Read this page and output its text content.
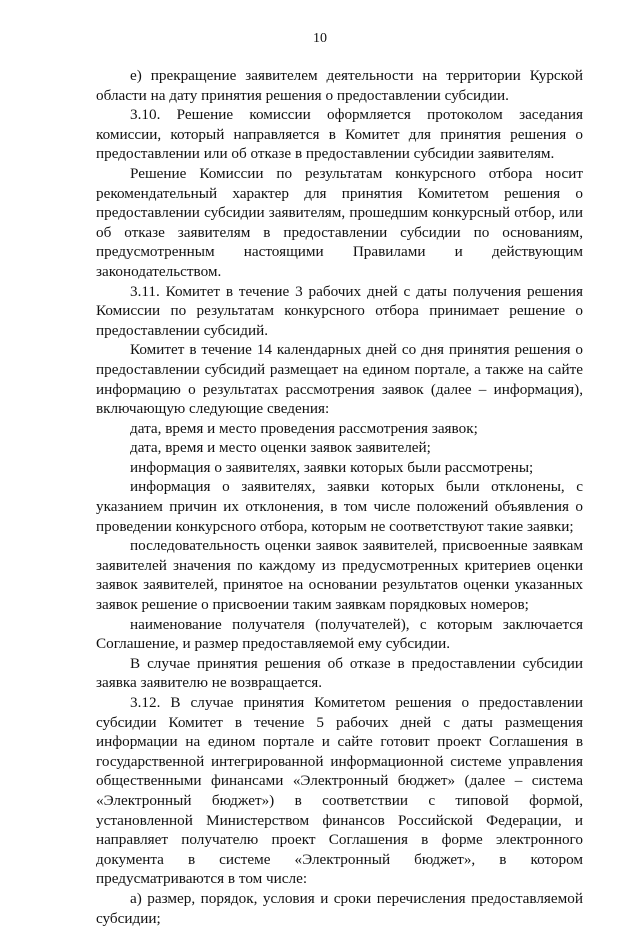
10

е) прекращение заявителем деятельности на территории Курской области на дату принятия решения о предоставлении субсидии.

3.10. Решение комиссии оформляется протоколом заседания комиссии, который направляется в Комитет для принятия решения о предоставлении или об отказе в предоставлении субсидии заявителям.

Решение Комиссии по результатам конкурсного отбора носит рекомендательный характер для принятия Комитетом решения о предоставлении субсидии заявителям, прошедшим конкурсный отбор, или об отказе заявителям в предоставлении субсидии по основаниям, предусмотренным настоящими Правилами и действующим законодательством.

3.11. Комитет в течение 3 рабочих дней с даты получения решения Комиссии по результатам конкурсного отбора принимает решение о предоставлении субсидий.

Комитет в течение 14 календарных дней со дня принятия решения о предоставлении субсидий размещает на едином портале, а также на сайте информацию о результатах рассмотрения заявок (далее – информация), включающую следующие сведения:

дата, время и место проведения рассмотрения заявок;

дата, время и место оценки заявок заявителей;

информация о заявителях, заявки которых были рассмотрены;

информация о заявителях, заявки которых были отклонены, с указанием причин их отклонения, в том числе положений объявления о проведении конкурсного отбора, которым не соответствуют такие заявки;

последовательность оценки заявок заявителей, присвоенные заявкам заявителей значения по каждому из предусмотренных критериев оценки заявок заявителей, принятое на основании результатов оценки указанных заявок решение о присвоении таким заявкам порядковых номеров;

наименование получателя (получателей), с которым заключается Соглашение, и размер предоставляемой ему субсидии.

В случае принятия решения об отказе в предоставлении субсидии заявка заявителю не возвращается.

3.12. В случае принятия Комитетом решения о предоставлении субсидии Комитет в течение 5 рабочих дней с даты размещения информации на едином портале и сайте готовит проект Соглашения в государственной интегрированной информационной системе управления общественными финансами «Электронный бюджет» (далее – система «Электронный бюджет») в соответствии с типовой формой, установленной Министерством финансов Российской Федерации, и направляет получателю проект Соглашения в форме электронного документа в системе «Электронный бюджет», в котором предусматриваются в том числе:

а) размер, порядок, условия и сроки перечисления предоставляемой субсидии;
